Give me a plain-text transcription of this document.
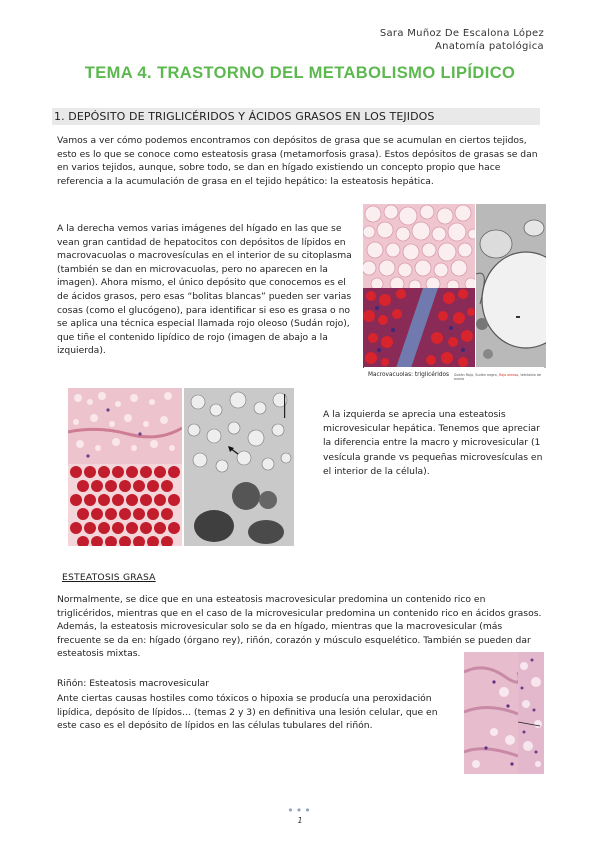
Sara Muñoz De Escalona López
Anatomía patológica
TEMA 4. TRASTORNO DEL METABOLISMO LIPÍDICO
1. DEPÓSITO DE TRIGLICÉRIDOS Y ÁCIDOS GRASOS EN LOS TEJIDOS
Vamos a ver cómo podemos encontramos con depósitos de grasa que se acumulan en ciertos tejidos, esto es lo que se conoce como esteatosis grasa (metamorfosis grasa). Estos depósitos de grasas se dan en varios tejidos, aunque, sobre todo, se dan en hígado existiendo un concepto propio que hace referencia a la acumulación de grasa en el tejido hepático: la esteatosis hepática.
A la derecha vemos varias imágenes del hígado en las que se vean gran cantidad de hepatocitos con depósitos de lípidos en macrovacuolas o macrovesículas en el interior de su citoplasma (también se dan en microvacuolas, pero no aparecen en la imagen). Ahora mismo, el único depósito que conocemos es el de ácidos grasos, pero esas “bolitas blancas” pueden ser varias cosas (como el glucógeno), para identificar si eso es grasa o no se aplica una técnica especial llamada rojo oleoso (Sudán rojo), que tiñe el contenido lipídico de rojo (imagen de abajo a la izquierda).
Macrovacuolas: triglicéridos Sudán Rojo, Sudán negro, Rojo oleoso, tetróxido de osmio
A la izquierda se aprecia una esteatosis microvesicular hepática. Tenemos que apreciar la diferencia entre la macro y microvesicular (1 vesícula grande vs pequeñas microvesículas en el interior de la célula).
ESTEATOSIS GRASA
Normalmente, se dice que en una esteatosis macrovesicular predomina un contenido rico en triglicéridos, mientras que en el caso de la microvesicular predomina un contenido rico en ácidos grasos. Además, la esteatosis microvesicular solo se da en hígado, mientras que la macrovesicular (más frecuente se da en: hígado (órgano rey), riñón, corazón y músculo esquelético. También se pueden dar esteatosis mixtas.
Riñón: Esteatosis macrovesicular
Ante ciertas causas hostiles como tóxicos o hipoxia se producía una peroxidación lipídica, depósito de lípidos… (temas 2 y 3) en definitiva una lesión celular, que en este caso es el depósito de lípidos en las células tubulares del riñón.
•••
1
